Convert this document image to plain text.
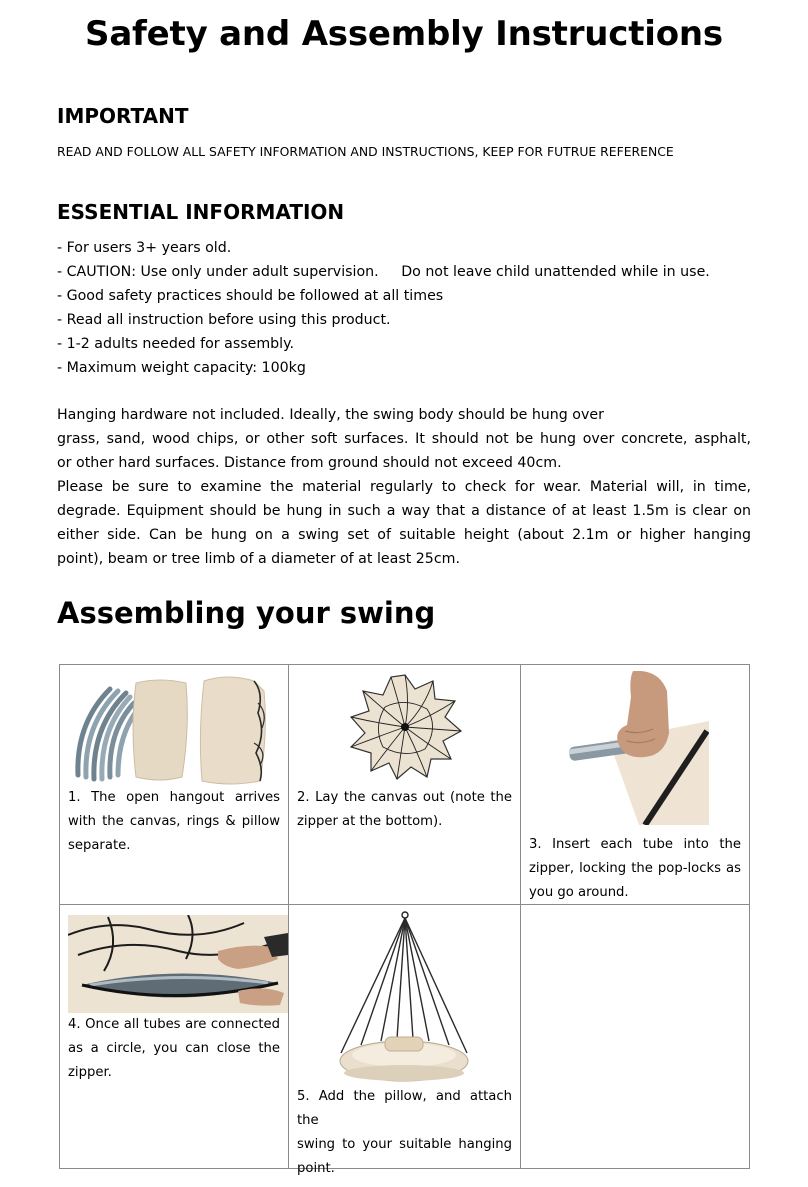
Safety and Assembly Instructions
IMPORTANT
READ AND FOLLOW ALL SAFETY INFORMATION AND INSTRUCTIONS, KEEP FOR FUTRUE REFERENCE
ESSENTIAL INFORMATION
- For users 3+ years old.
- CAUTION: Use only under adult supervision.     Do not leave child unattended while in use.
- Good safety practices should be followed at all times
- Read all instruction before using this product.
- 1-2 adults needed for assembly.
- Maximum weight capacity: 100kg
Hanging hardware not included. Ideally, the swing body should be hung over
grass, sand, wood chips, or other soft surfaces. It should not be hung over concrete, asphalt,
or other hard surfaces. Distance from ground should not exceed 40cm.
Please be sure to examine the material regularly to check for wear. Material will, in time,
degrade. Equipment should be hung in such a way that a distance of at least 1.5m is clear on
either side. Can be hung on a swing set of suitable height (about 2.1m or higher hanging
point), beam or tree limb of a diameter of at least 25cm.
Assembling your swing
1. The open hangout arrives
with the canvas, rings & pillow
separate.	2. Lay the canvas out (note the
zipper at the bottom).	3. Insert each tube into the
zipper, locking the pop-locks as
you go around.

4. Once all tubes are connected
as a circle, you can close the
zipper.	5. Add the pillow, and attach the
swing to your suitable hanging
point.	
